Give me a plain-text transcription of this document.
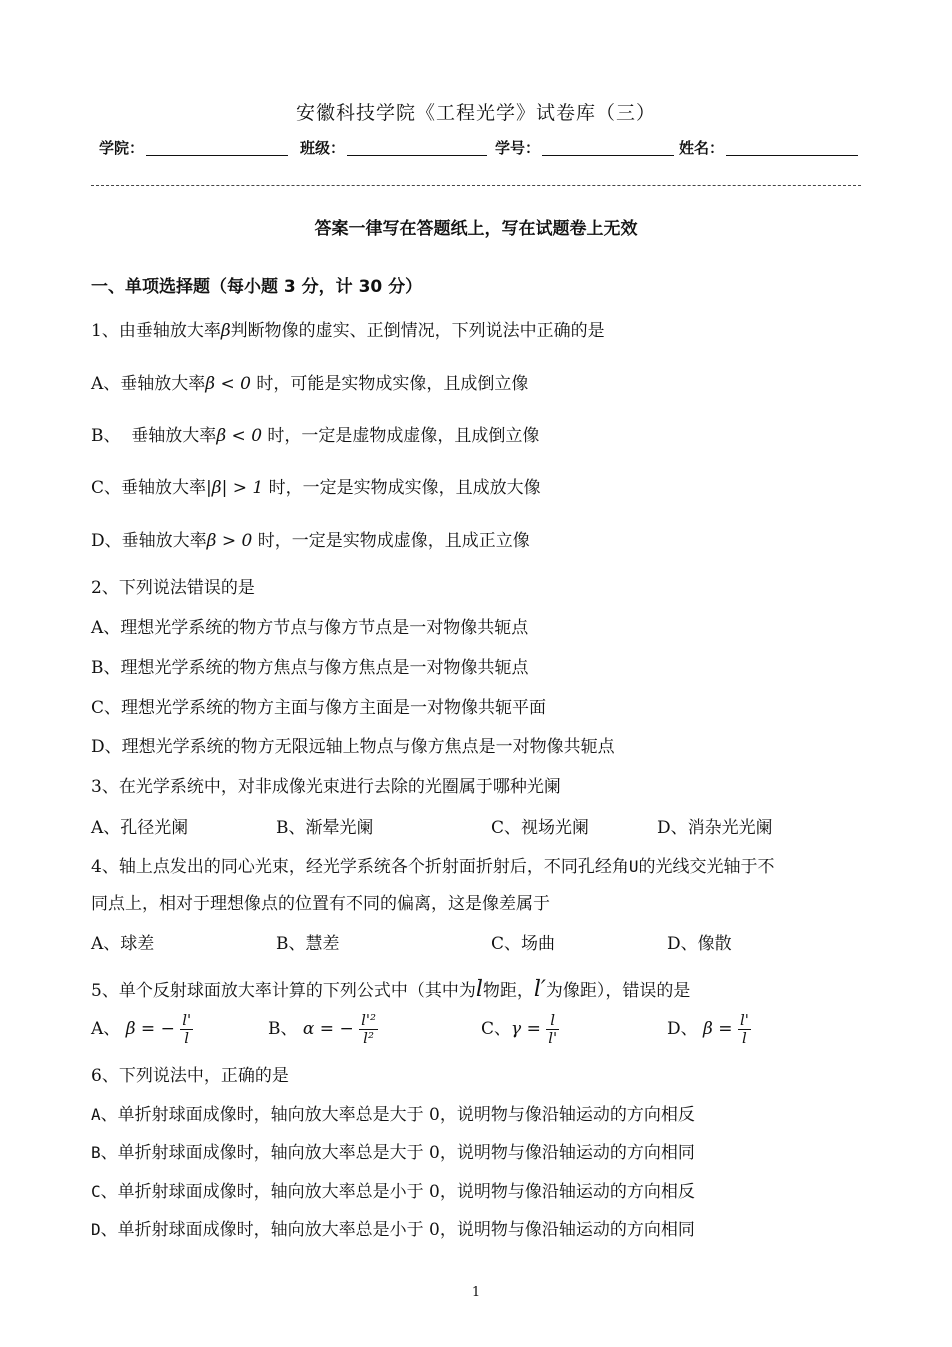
安徽科技学院《工程光学》试卷库（三）
学院：	班级：	学号：	姓名：
答案一律写在答题纸上，写在试题卷上无效
一、单项选择题（每小题 3 分，计 30 分）
1、由垂轴放大率β判断物像的虚实、正倒情况，下列说法中正确的是
A、垂轴放大率β < 0 时，可能是实物成实像，且成倒立像
B、  垂轴放大率β < 0 时，一定是虚物成虚像，且成倒立像
C、垂轴放大率|β| > 1 时，一定是实物成实像，且成放大像
D、垂轴放大率β > 0 时，一定是实物成虚像，且成正立像
2、下列说法错误的是
A、理想光学系统的物方节点与像方节点是一对物像共轭点
B、理想光学系统的物方焦点与像方焦点是一对物像共轭点
C、理想光学系统的物方主面与像方主面是一对物像共轭平面
D、理想光学系统的物方无限远轴上物点与像方焦点是一对物像共轭点
3、在光学系统中，对非成像光束进行去除的光圈属于哪种光阑
A、孔径光阑	B、渐晕光阑	C、视场光阑	D、消杂光光阑
4、轴上点发出的同心光束，经光学系统各个折射面折射后，不同孔经角U的光线交光轴于不
同点上，相对于理想像点的位置有不同的偏离，这是像差属于
A、球差	B、慧差	C、场曲	D、像散
5、单个反射球面放大率计算的下列公式中（其中为l物距，l′为像距），错误的是
A、 β = − $\frac{l'}{l}$	B、 α = − $\frac{\text{l'²}}{\text{l²}}$	C、$\gamma = \frac{l}{l'}$	D、 $\beta = \frac{l'}{l}$
6、下列说法中，正确的是
A、单折射球面成像时，轴向放大率总是大于 0，说明物与像沿轴运动的方向相反
B、单折射球面成像时，轴向放大率总是大于 0，说明物与像沿轴运动的方向相同
C、单折射球面成像时，轴向放大率总是小于 0，说明物与像沿轴运动的方向相反
D、单折射球面成像时，轴向放大率总是小于 0，说明物与像沿轴运动的方向相同
1
